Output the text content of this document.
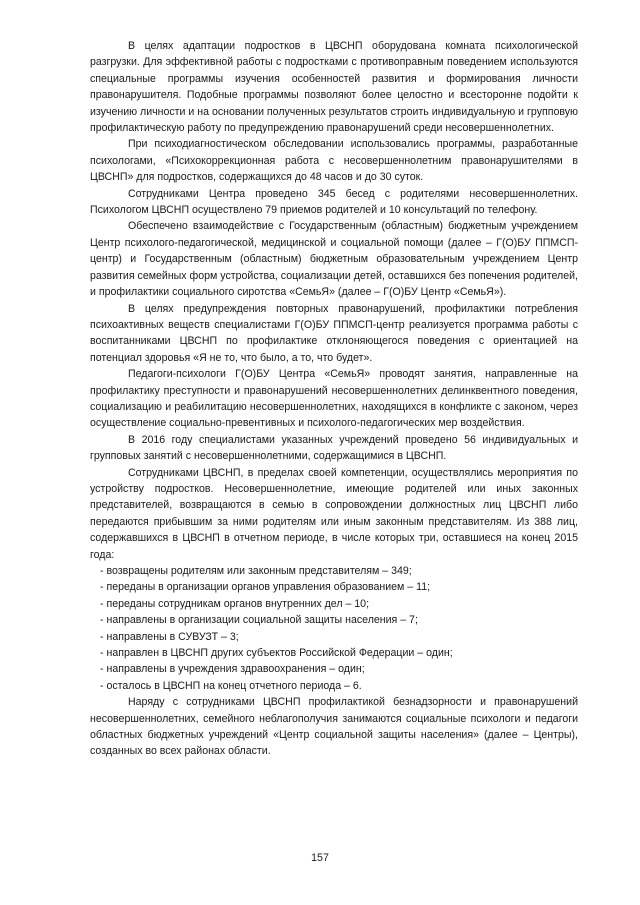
В целях адаптации подростков в ЦВСНП оборудована комната психологической разгрузки. Для эффективной работы с подростками с противоправным поведением используются специальные программы изучения особенностей развития и формирования личности правонарушителя. Подобные программы позволяют более целостно и всесторонне подойти к изучению личности и на основании полученных результатов строить индивидуальную и групповую профилактическую работу по предупреждению правонарушений среди несовершеннолетних.

При психодиагностическом обследовании использовались программы, разработанные психологами, «Психокоррекционная работа с несовершеннолетним правонарушителями в ЦВСНП» для подростков, содержащихся до 48 часов и до 30 суток.

Сотрудниками Центра проведено 345 бесед с родителями несовершеннолетних. Психологом ЦВСНП осуществлено 79 приемов родителей и 10 консультаций по телефону.

Обеспечено взаимодействие с Государственным (областным) бюджетным учреждением Центр психолого-педагогической, медицинской и социальной помощи (далее – Г(О)БУ ППМСП-центр) и Государственным (областным) бюджетным образовательным учреждением Центр развития семейных форм устройства, социализации детей, оставшихся без попечения родителей, и профилактики социального сиротства «СемьЯ» (далее – Г(О)БУ Центр «СемьЯ»).

В целях предупреждения повторных правонарушений, профилактики потребления психоактивных веществ специалистами Г(О)БУ ППМСП-центр реализуется программа работы с воспитанниками ЦВСНП по профилактике отклоняющегося поведения с ориентацией на потенциал здоровья «Я не то, что было, а то, что будет».

Педагоги-психологи Г(О)БУ Центра «СемьЯ» проводят занятия, направленные на профилактику преступности и правонарушений несовершеннолетних делинквентного поведения, социализацию и реабилитацию несовершеннолетних, находящихся в конфликте с законом, через осуществление социально-превентивных и психолого-педагогических мер воздействия.

В 2016 году специалистами указанных учреждений проведено 56 индивидуальных и групповых занятий с несовершеннолетними, содержащимися в ЦВСНП.

Сотрудниками ЦВСНП, в пределах своей компетенции, осуществлялись мероприятия по устройству подростков. Несовершеннолетние, имеющие родителей или иных законных представителей, возвращаются в семью в сопровождении должностных лиц ЦВСНП либо передаются прибывшим за ними родителям или иным законным представителям. Из 388 лиц, содержавшихся в ЦВСНП в отчетном периоде, в числе которых три, оставшиеся на конец 2015 года:

- возвращены родителям или законным представителям – 349;
- переданы в организации органов управления образованием – 11;
- переданы сотрудникам органов внутренних дел – 10;
- направлены в организации социальной защиты населения – 7;
- направлены в СУВУЗТ – 3;
- направлен в ЦВСНП других субъектов Российской Федерации – один;
- направлены в учреждения здравоохранения – один;
- осталось в ЦВСНП на конец отчетного периода – 6.

Наряду с сотрудниками ЦВСНП профилактикой безнадзорности и правонарушений несовершеннолетних, семейного неблагополучия занимаются социальные психологи и педагоги областных бюджетных учреждений «Центр социальной защиты населения» (далее – Центры), созданных во всех районах области.

157
